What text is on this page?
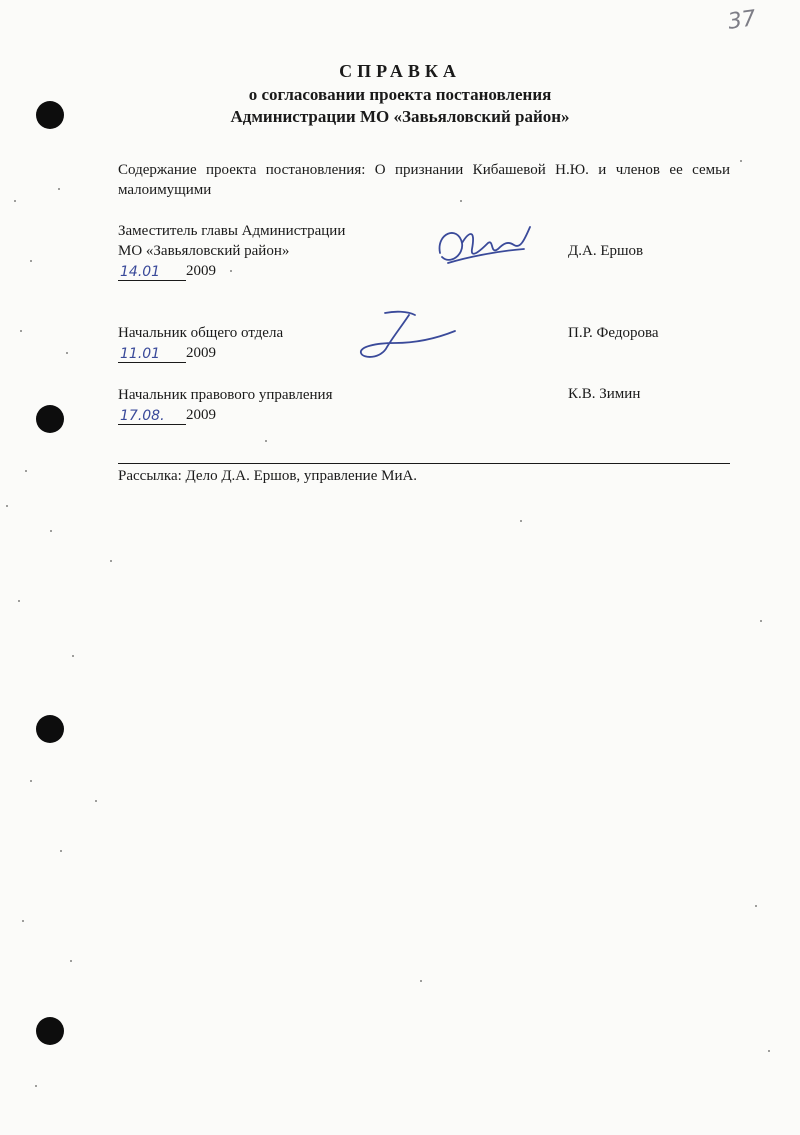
37
СПРАВКА
о согласовании проекта постановления
Администрации МО «Завьяловский район»
Содержание проекта постановления: О признании Кибашевой Н.Ю. и членов ее семьи малоимущими
Заместитель главы Администрации
МО «Завьяловский район»
14.01	2009
Д.А. Ершов
Начальник общего отдела
11.01	2009
П.Р. Федорова
Начальник правового управления
17.08.	2009
К.В. Зимин
Рассылка: Дело Д.А. Ершов, управление МиА.
